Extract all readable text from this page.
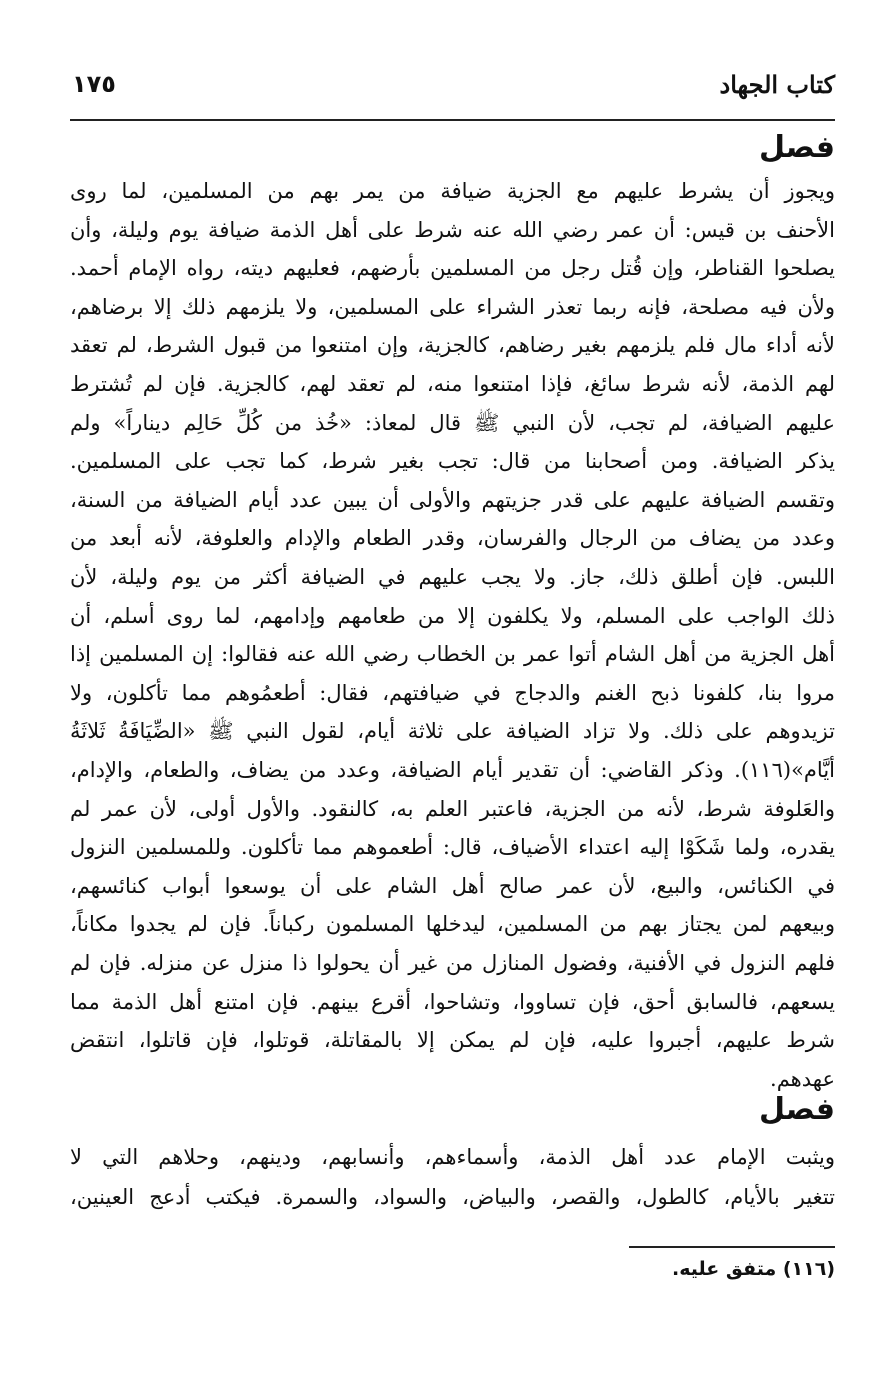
كتاب الجهاد
١٧٥
فصل
ويجوز أن يشرط عليهم مع الجزية ضيافة من يمر بهم من المسلمين، لما روى
الأحنف بن قيس: أن عمر رضي الله عنه شرط على أهل الذمة ضيافة يوم وليلة، وأن
يصلحوا القناطر، وإن قُتل رجل من المسلمين بأرضهم، فعليهم ديته، رواه الإمام أحمد.
ولأن فيه مصلحة، فإنه ربما تعذر الشراء على المسلمين، ولا يلزمهم ذلك إلا برضاهم،
لأنه أداء مال فلم يلزمهم بغير رضاهم، كالجزية، وإن امتنعوا من قبول الشرط، لم تعقد
لهم الذمة، لأنه شرط سائغ، فإذا امتنعوا منه، لم تعقد لهم، كالجزية. فإن لم تُشترط
عليهم الضيافة، لم تجب، لأن النبي ﷺ قال لمعاذ: «خُذ من كُلِّ حَالِم ديناراً» ولم
يذكر الضيافة. ومن أصحابنا من قال: تجب بغير شرط، كما تجب على المسلمين.
وتقسم الضيافة عليهم على قدر جزيتهم والأولى أن يبين عدد أيام الضيافة من السنة،
وعدد من يضاف من الرجال والفرسان، وقدر الطعام والإدام والعلوفة، لأنه أبعد من
اللبس. فإن أطلق ذلك، جاز. ولا يجب عليهم في الضيافة أكثر من يوم وليلة، لأن
ذلك الواجب على المسلم، ولا يكلفون إلا من طعامهم وإدامهم، لما روى أسلم، أن
أهل الجزية من أهل الشام أتوا عمر بن الخطاب رضي الله عنه فقالوا: إن المسلمين إذا
مروا بنا، كلفونا ذبح الغنم والدجاج في ضيافتهم، فقال: أطعمُوهم مما تأكلون، ولا
تزيدوهم على ذلك. ولا تزاد الضيافة على ثلاثة أيام، لقول النبي ﷺ «الضِّيَافَةُ ثَلاثَةُ
أيَّام»(١١٦). وذكر القاضي: أن تقدير أيام الضيافة، وعدد من يضاف، والطعام، والإدام،
والعَلوفة شرط، لأنه من الجزية، فاعتبر العلم به، كالنقود. والأول أولى، لأن عمر لم
يقدره، ولما شَكَوْا إليه اعتداء الأضياف، قال: أطعموهم مما تأكلون. وللمسلمين النزول
في الكنائس، والبيع، لأن عمر صالح أهل الشام على أن يوسعوا أبواب كنائسهم،
وبيعهم لمن يجتاز بهم من المسلمين، ليدخلها المسلمون ركباناً. فإن لم يجدوا مكاناً،
فلهم النزول في الأفنية، وفضول المنازل من غير أن يحولوا ذا منزل عن منزله. فإن لم
يسعهم، فالسابق أحق، فإن تساووا، وتشاحوا، أقرع بينهم. فإن امتنع أهل الذمة مما
شرط عليهم، أجبروا عليه، فإن لم يمكن إلا بالمقاتلة، قوتلوا، فإن قاتلوا، انتقض
عهدهم.
فصل
ويثبت الإمام عدد أهل الذمة، وأسماءهم، وأنسابهم، ودينهم، وحلاهم التي لا
تتغير بالأيام، كالطول، والقصر، والبياض، والسواد، والسمرة. فيكتب أدعج العينين،
(١١٦) متفق عليه.
